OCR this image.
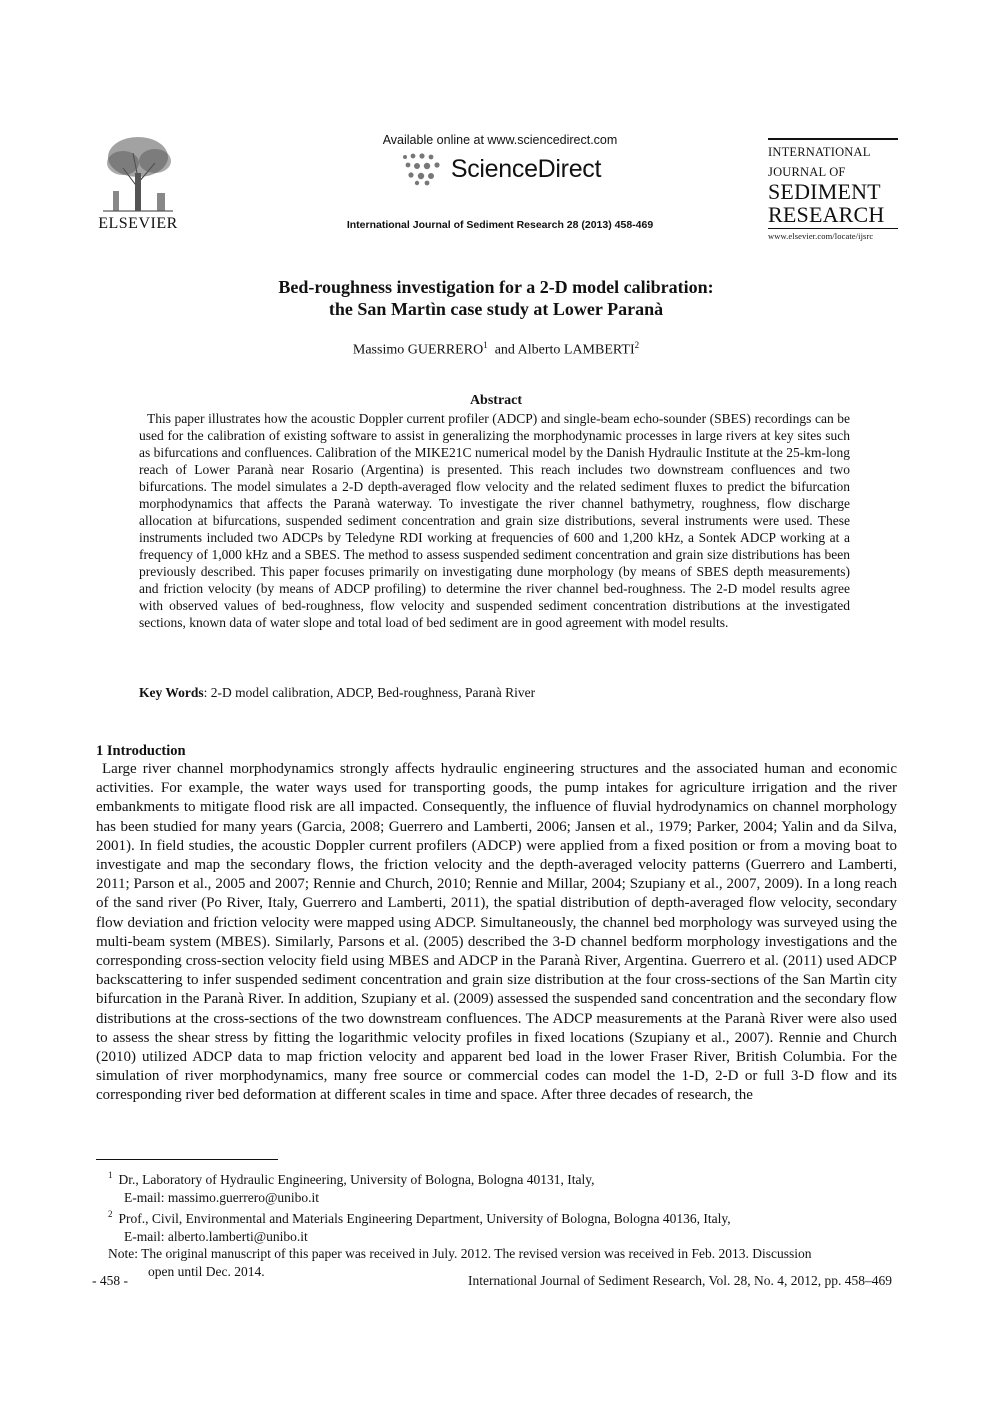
ELSEVIER
Available online at www.sciencedirect.com
ScienceDirect
International Journal of Sediment Research 28 (2013) 458-469
INTERNATIONAL
JOURNAL OF
SEDIMENT
RESEARCH
www.elsevier.com/locate/ijsrc
Bed-roughness investigation for a 2-D model calibration:
the San Martìn case study at Lower Paranà
Massimo GUERRERO$^1$ and Alberto LAMBERTI$^2$
Abstract
This paper illustrates how the acoustic Doppler current profiler (ADCP) and single-beam echo-sounder (SBES) recordings can be used for the calibration of existing software to assist in generalizing the morphodynamic processes in large rivers at key sites such as bifurcations and confluences. Calibration of the MIKE21C numerical model by the Danish Hydraulic Institute at the 25-km-long reach of Lower Paranà near Rosario (Argentina) is presented. This reach includes two downstream confluences and two bifurcations. The model simulates a 2-D depth-averaged flow velocity and the related sediment fluxes to predict the bifurcation morphodynamics that affects the Paranà waterway. To investigate the river channel bathymetry, roughness, flow discharge allocation at bifurcations, suspended sediment concentration and grain size distributions, several instruments were used. These instruments included two ADCPs by Teledyne RDI working at frequencies of 600 and 1,200 kHz, a Sontek ADCP working at a frequency of 1,000 kHz and a SBES. The method to assess suspended sediment concentration and grain size distributions has been previously described. This paper focuses primarily on investigating dune morphology (by means of SBES depth measurements) and friction velocity (by means of ADCP profiling) to determine the river channel bed-roughness. The 2-D model results agree with observed values of bed-roughness, flow velocity and suspended sediment concentration distributions at the investigated sections, known data of water slope and total load of bed sediment are in good agreement with model results.
Key Words: 2-D model calibration, ADCP, Bed-roughness, Paranà River
1 Introduction
Large river channel morphodynamics strongly affects hydraulic engineering structures and the associated human and economic activities. For example, the water ways used for transporting goods, the pump intakes for agriculture irrigation and the river embankments to mitigate flood risk are all impacted. Consequently, the influence of fluvial hydrodynamics on channel morphology has been studied for many years (Garcia, 2008; Guerrero and Lamberti, 2006; Jansen et al., 1979; Parker, 2004; Yalin and da Silva, 2001). In field studies, the acoustic Doppler current profilers (ADCP) were applied from a fixed position or from a moving boat to investigate and map the secondary flows, the friction velocity and the depth-averaged velocity patterns (Guerrero and Lamberti, 2011; Parson et al., 2005 and 2007; Rennie and Church, 2010; Rennie and Millar, 2004; Szupiany et al., 2007, 2009). In a long reach of the sand river (Po River, Italy, Guerrero and Lamberti, 2011), the spatial distribution of depth-averaged flow velocity, secondary flow deviation and friction velocity were mapped using ADCP. Simultaneously, the channel bed morphology was surveyed using the multi-beam system (MBES). Similarly, Parsons et al. (2005) described the 3-D channel bedform morphology investigations and the corresponding cross-section velocity field using MBES and ADCP in the Paranà River, Argentina. Guerrero et al. (2011) used ADCP backscattering to infer suspended sediment concentration and grain size distribution at the four cross-sections of the San Martìn city bifurcation in the Paranà River. In addition, Szupiany et al. (2009) assessed the suspended sand concentration and the secondary flow distributions at the cross-sections of the two downstream confluences. The ADCP measurements at the Paranà River were also used to assess the shear stress by fitting the logarithmic velocity profiles in fixed locations (Szupiany et al., 2007). Rennie and Church (2010) utilized ADCP data to map friction velocity and apparent bed load in the lower Fraser River, British Columbia. For the simulation of river morphodynamics, many free source or commercial codes can model the 1-D, 2-D or full 3-D flow and its corresponding river bed deformation at different scales in time and space. After three decades of research, the

$^1$ Dr., Laboratory of Hydraulic Engineering, University of Bologna, Bologna 40131, Italy,

E-mail: massimo.guerrero@unibo.it

$^2$ Prof., Civil, Environmental and Materials Engineering Department, University of Bologna, Bologna 40136, Italy,

E-mail: alberto.lamberti@unibo.it

Note: The original manuscript of this paper was received in July. 2012. The revised version was received in Feb. 2013. Discussion

open until Dec. 2014.

- 458 -	International Journal of Sediment Research, Vol. 28, No. 4, 2012, pp. 458–469
